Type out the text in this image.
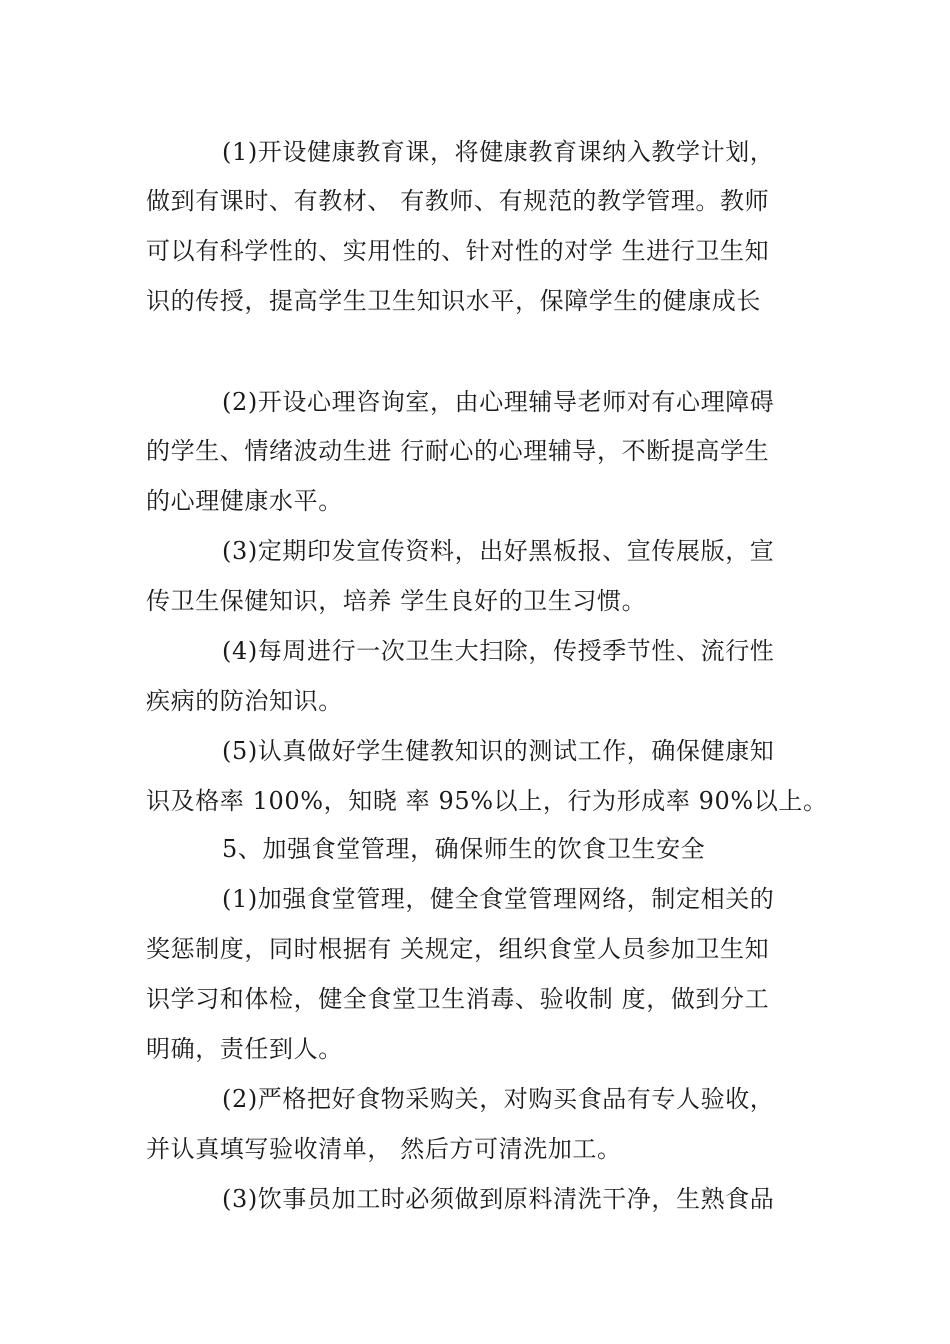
(1)开设健康教育课，将健康教育课纳入教学计划，
做到有课时、有教材、 有教师、有规范的教学管理。教师
可以有科学性的、实用性的、针对性的对学 生进行卫生知
识的传授，提高学生卫生知识水平，保障学生的健康成长
(2)开设心理咨询室，由心理辅导老师对有心理障碍
的学生、情绪波动生进 行耐心的心理辅导，不断提高学生
的心理健康水平。
(3)定期印发宣传资料，出好黑板报、宣传展版，宣
传卫生保健知识，培养 学生良好的卫生习惯。
(4)每周进行一次卫生大扫除，传授季节性、流行性
疾病的防治知识。
(5)认真做好学生健教知识的测试工作，确保健康知
识及格率 100%，知晓 率 95%以上，行为形成率 90%以上。
5、加强食堂管理，确保师生的饮食卫生安全
(1)加强食堂管理，健全食堂管理网络，制定相关的
奖惩制度，同时根据有 关规定，组织食堂人员参加卫生知
识学习和体检，健全食堂卫生消毒、验收制 度，做到分工
明确，责任到人。
(2)严格把好食物采购关，对购买食品有专人验收，
并认真填写验收清单， 然后方可清洗加工。
(3)饮事员加工时必须做到原料清洗干净，生熟食品
